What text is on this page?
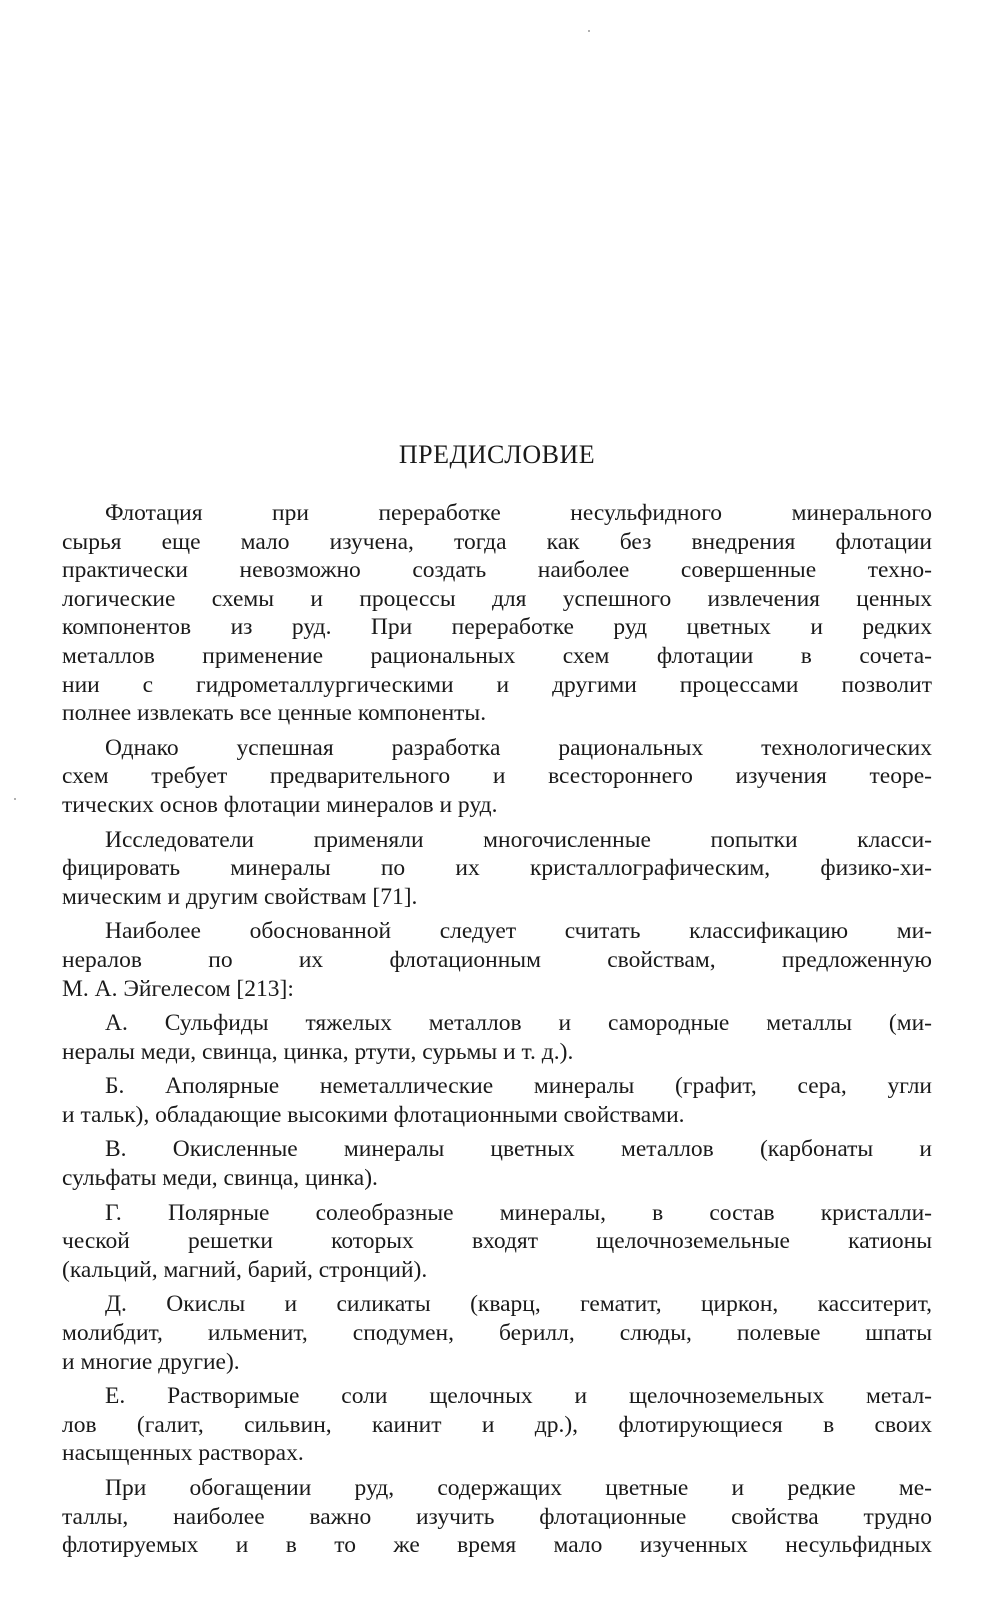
ПРЕДИСЛОВИЕ

Флотация при переработке несульфидного минерального
сырья еще мало изучена, тогда как без внедрения флотации
практически невозможно создать наиболее совершенные техно-
логические схемы и процессы для успешного извлечения ценных
компонентов из руд. При переработке руд цветных и редких
металлов применение рациональных схем флотации в сочета-
нии с гидрометаллургическими и другими процессами позволит
полнее извлекать все ценные компоненты.

Однако успешная разработка рациональных технологических
схем требует предварительного и всестороннего изучения теоре-
тических основ флотации минералов и руд.

Исследователи применяли многочисленные попытки класси-
фицировать минералы по их кристаллографическим, физико-хи-
мическим и другим свойствам [71].

Наиболее обоснованной следует считать классификацию ми-
нералов по их флотационным свойствам, предложенную
М. А. Эйгелесом [213]:

А. Сульфиды тяжелых металлов и самородные металлы (ми-
нералы меди, свинца, цинка, ртути, сурьмы и т. д.).

Б. Аполярные неметаллические минералы (графит, сера, угли
и тальк), обладающие высокими флотационными свойствами.

В. Окисленные минералы цветных металлов (карбонаты и
сульфаты меди, свинца, цинка).

Г. Полярные солеобразные минералы, в состав кристалли-
ческой решетки которых входят щелочноземельные катионы
(кальций, магний, барий, стронций).

Д. Окислы и силикаты (кварц, гематит, циркон, касситерит,
молибдит, ильменит, сподумен, берилл, слюды, полевые шпаты
и многие другие).

Е. Растворимые соли щелочных и щелочноземельных метал-
лов (галит, сильвин, каинит и др.), флотирующиеся в своих
насыщенных растворах.

При обогащении руд, содержащих цветные и редкие ме-
таллы, наиболее важно изучить флотационные свойства трудно
флотируемых и в то же время мало изученных несульфидных
